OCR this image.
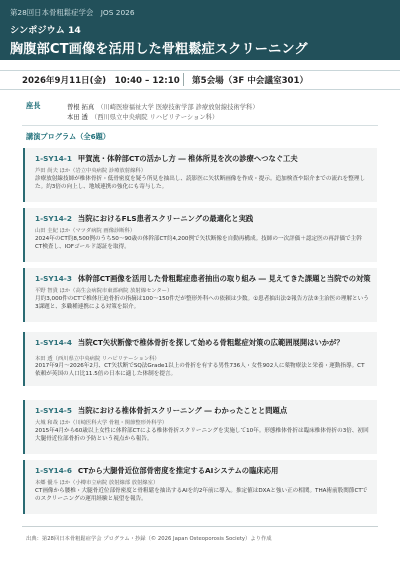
第28回日本骨粗鬆症学会　JOS 2026
シンポジウム 14
胸腹部CT画像を活用した骨粗鬆症スクリーニング
2026年9月11日(金)　10:40 – 12:10 第5会場（3F 中会議室301）
座長	曽根 拓真 （川崎医療福祉大学 医療技術学部 診療放射線技術学科）
本田 透 （西川県立中央病院 リハビリテーション科）
講演プログラム（全6題）
1-SY14-1 甲賀流・体幹部CTの活かし方 ― 椎体所見を次の診療へつなぐ工夫
芦田 尚夫 ほか（岩立中央病院 診療放射線科）
診療放射線技師が椎体骨折・低骨密度を疑う所見を抽出し、読影医に矢状断画像を作成・提示。追加検査や紹介までの流れを整理した。約3倍の向上し、地域連携の強化にも寄与した。
1-SY14-2 当院におけるFLS患者スクリーニングの最適化と実践
山田 圭紀 ほか（マツダ病院 画像診断科）
2024年のCT約8,500例のうち50〜90歳の体幹部CT約4,200例で矢状断像を自動再構成。技師の一次評価＋認定医の再評価で主幹CT検査し、IOFゴールド認証を取得。
1-SY14-3 体幹部CT画像を活用した骨粗鬆症患者抽出の取り組み ― 見えてきた課題と当院での対策
平野 智貴 ほか（高生会病院市東部病院 放射線センター）
月約3,000件のCTで椎体圧迫骨折の指摘は100〜150件だが整形外科への依頼は少数。①患者抽出法②報告方法③主治医の理解という3課題と、多職種連携による対策を紹介。
1-SY14-4 当院CT矢状断像で椎体骨折を探して始める骨粗鬆症対策の広範囲展開はいかが？
本田 透（西川県立中央病院 リハビリテーション科）
2017年9月〜2026年2月、CT矢状断でSQ法Grade1以上の骨折を有する男性736人・女性902人に薬物療法と栄養・運動指導。CT依頼が英国の人口比11.5倍の日本に適した体制を提言。
1-SY14-5 当院における椎体骨折スクリーニング ― わかったことと問題点
大城 和哉 ほか（川崎医科大学 骨粗・関節整形外科学）
2015年4月から60歳以上女性に体幹部CTによる椎体骨折スクリーニングを実施して10年。形態椎体骨折は臨床椎体骨折の3倍、初回大腿骨近位部骨折の予防という視点から報告。
1-SY14-6 CTから大腿骨近位部骨密度を推定するAIシステムの臨床応用
本郷 優斗 ほか（小樽市立病院 放射線部 放射線室）
CT画像から腰椎・大腿骨近位部骨密度と骨粗鬆を抽出するAIを約2年前に導入。推定値はDXAと強い正の相関。THA術前股関節CTでのスクリーニングの運用経験と展望を報告。
出典：第28回日本骨粗鬆症学会 プログラム・抄録（© 2026 Japan Osteoporosis Society）より作成
